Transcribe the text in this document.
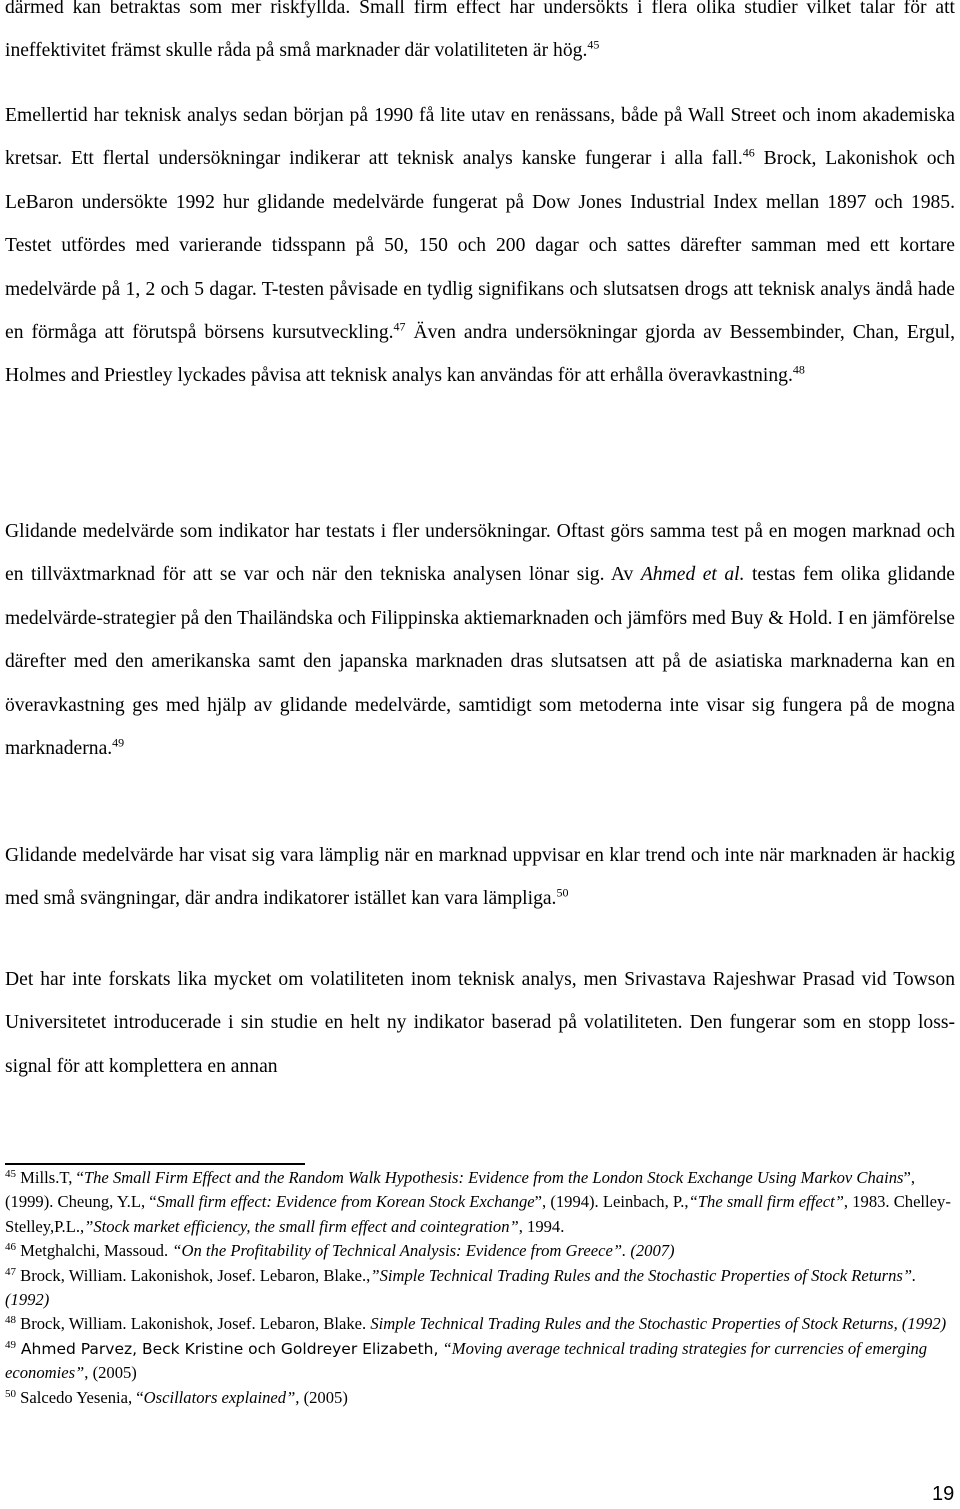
därmed kan betraktas som mer riskfyllda. Small firm effect har undersökts i flera olika studier vilket talar för att ineffektivitet främst skulle råda på små marknader där volatiliteten är hög.$^{45}$

Emellertid har teknisk analys sedan början på 1990 få lite utav en renässans, både på Wall Street och inom akademiska kretsar. Ett flertal undersökningar indikerar att teknisk analys kanske fungerar i alla fall.$^{46}$ Brock, Lakonishok och LeBaron undersökte 1992 hur glidande medelvärde fungerat på Dow Jones Industrial Index mellan 1897 och 1985. Testet utfördes med varierande tidsspann på 50, 150 och 200 dagar och sattes därefter samman med ett kortare medelvärde på 1, 2 och 5 dagar. T-testen påvisade en tydlig signifikans och slutsatsen drogs att teknisk analys ändå hade en förmåga att förutspå börsens kursutveckling.$^{47}$ Även andra undersökningar gjorda av Bessembinder, Chan, Ergul, Holmes and Priestley lyckades påvisa att teknisk analys kan användas för att erhålla överavkastning.$^{48}$

Glidande medelvärde som indikator har testats i fler undersökningar. Oftast görs samma test på en mogen marknad och en tillväxtmarknad för att se var och när den tekniska analysen lönar sig. Av Ahmed et al. testas fem olika glidande medelvärde-strategier på den Thailändska och Filippinska aktiemarknaden och jämförs med Buy & Hold. I en jämförelse därefter med den amerikanska samt den japanska marknaden dras slutsatsen att på de asiatiska marknaderna kan en överavkastning ges med hjälp av glidande medelvärde, samtidigt som metoderna inte visar sig fungera på de mogna marknaderna.$^{49}$

Glidande medelvärde har visat sig vara lämplig när en marknad uppvisar en klar trend och inte när marknaden är hackig med små svängningar, där andra indikatorer istället kan vara lämpliga.$^{50}$

Det har inte forskats lika mycket om volatiliteten inom teknisk analys, men Srivastava Rajeshwar Prasad vid Towson Universitetet introducerade i sin studie en helt ny indikator baserad på volatiliteten. Den fungerar som en stopp loss-signal för att komplettera en annan

$^{45}$ Mills.T, “The Small Firm Effect and the Random Walk Hypothesis: Evidence from the London Stock Exchange Using Markov Chains”, (1999). Cheung, Y.L, “Small firm effect: Evidence from Korean Stock Exchange”, (1994). Leinbach, P.,“The small firm effect”, 1983. Chelley-Stelley,P.L.,”Stock market efficiency, the small firm effect and cointegration”, 1994.

$^{46}$ Metghalchi, Massoud. “On the Profitability of Technical Analysis: Evidence from Greece”. (2007)

$^{47}$ Brock, William. Lakonishok, Josef. Lebaron, Blake.,”Simple Technical Trading Rules and the Stochastic Properties of Stock Returns”. (1992)

$^{48}$ Brock, William. Lakonishok, Josef. Lebaron, Blake. Simple Technical Trading Rules and the Stochastic Properties of Stock Returns, (1992)

$^{49}$ Ahmed Parvez, Beck Kristine och Goldreyer Elizabeth, “Moving average technical trading strategies for currencies of emerging economies”, (2005)

$^{50}$ Salcedo Yesenia, “Oscillators explained”, (2005)

19
